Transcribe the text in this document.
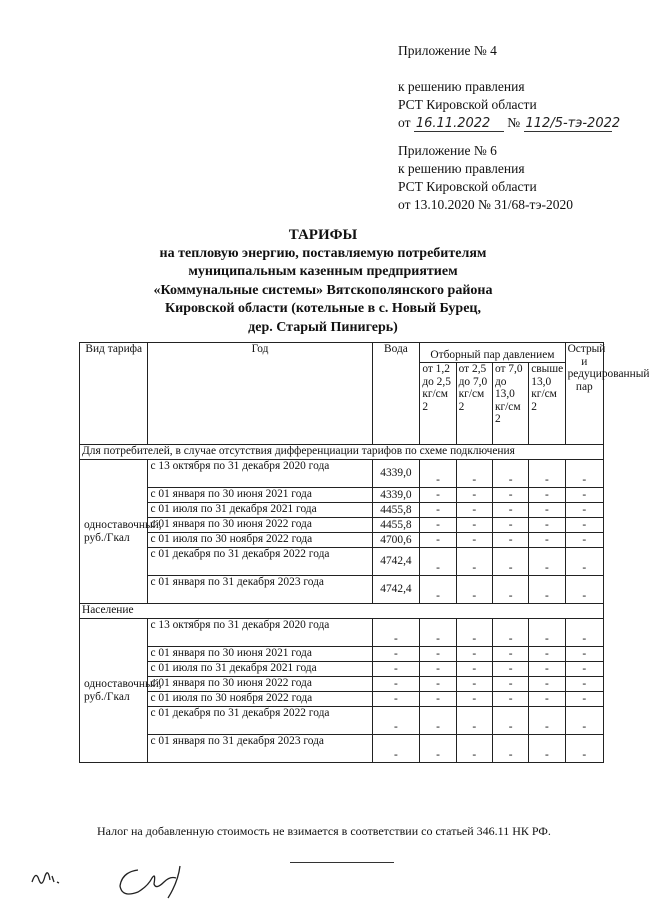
Приложение № 4
к решению правления
РСТ Кировской области
от 16.11.2022 № 112/5-тэ-2022
Приложение № 6
к решению правления
РСТ Кировской области
от 13.10.2020 № 31/68-тэ-2020
ТАРИФЫ
на тепловую энергию, поставляемую потребителям
муниципальным казенным предприятием
«Коммунальные системы» Вятскополянского района
Кировской области (котельные в с. Новый Бурец,
дер. Старый Пинигерь)
Вид тарифа	Год	Вода	Отборный пар давлением				Острый и редуцированный пар
			от 1,2 до 2,5 кг/см 2	от 2,5 до 7,0 кг/см 2	от 7,0 до 13,0 кг/см 2	свыше 13,0 кг/см 2	
Для потребителей, в случае отсутствия дифференциации тарифов по схеме подключения							
одноставочный, руб./Гкал	с 13 октября по 31 декабря 2020 года	4339,0	-	-	-	-	-
	с 01 января по 30 июня 2021 года	4339,0	-	-	-	-	-
	с 01 июля по 31 декабря 2021 года	4455,8	-	-	-	-	-
	с 01 января по 30 июня 2022 года	4455,8	-	-	-	-	-
	с 01 июля по 30 ноября 2022 года	4700,6	-	-	-	-	-
	с 01 декабря по 31 декабря 2022 года	4742,4	-	-	-	-	-
	с 01 января по 31 декабря 2023 года	4742,4	-	-	-	-	-
Население							
одноставочный, руб./Гкал	с 13 октября по 31 декабря 2020 года	-	-	-	-	-	-
	с 01 января по 30 июня 2021 года	-	-	-	-	-	-
	с 01 июля по 31 декабря 2021 года	-	-	-	-	-	-
	с 01 января по 30 июня 2022 года	-	-	-	-	-	-
	с 01 июля по 30 ноября 2022 года	-	-	-	-	-	-
	с 01 декабря по 31 декабря 2022 года	-	-	-	-	-	-
	с 01 января по 31 декабря 2023 года	-	-	-	-	-	-
Налог на добавленную стоимость не взимается в соответствии со статьей 346.11 НК РФ.
